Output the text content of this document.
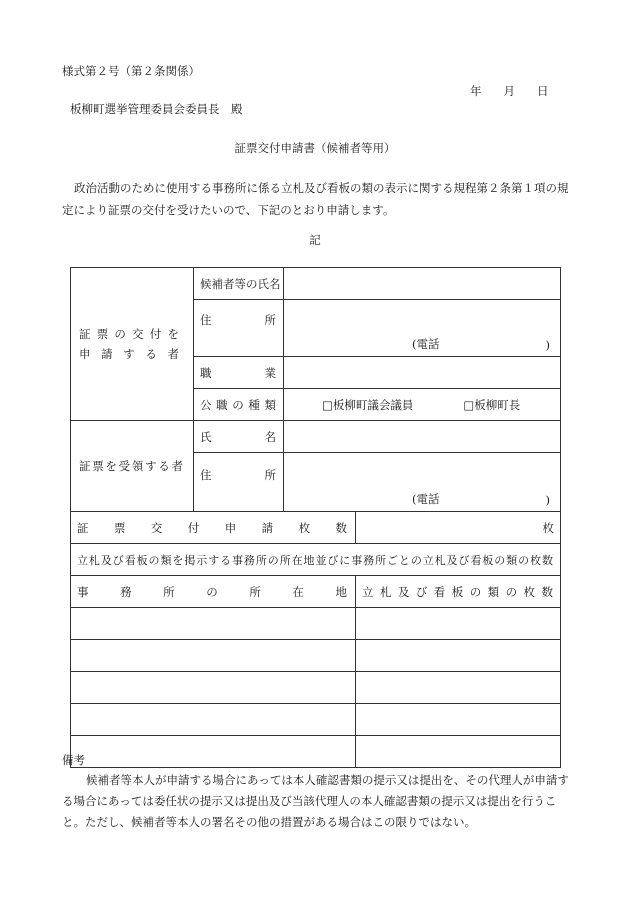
様式第２号（第２条関係）
年 月 日
板柳町選挙管理委員会委員長　殿
証票交付申請書（候補者等用）
政治活動のために使用する事務所に係る立札及び看板の類の表示に関する規程第２条第１項の規定により証票の交付を受けたいので、下記のとおり申請します。
記
証票の交付を申請する者	候補者等の氏名		

	住所	(電話 )	

	職業		

	公職の種類	□板柳町議会議員 □板柳町長	

証票を受領する者	氏名		

	住所	(電話 )	

証票交付申請枚数			枚

立札及び看板の類を掲示する事務所の所在地並びに事務所ごとの立札及び看板の類の枚数			

事務所の所在地			立札及び看板の類の枚数

備考
候補者等本人が申請する場合にあっては本人確認書類の提示又は提出を、その代理人が申請する場合にあっては委任状の提示又は提出及び当該代理人の本人確認書類の提示又は提出を行うこと。ただし、候補者等本人の署名その他の措置がある場合はこの限りではない。
